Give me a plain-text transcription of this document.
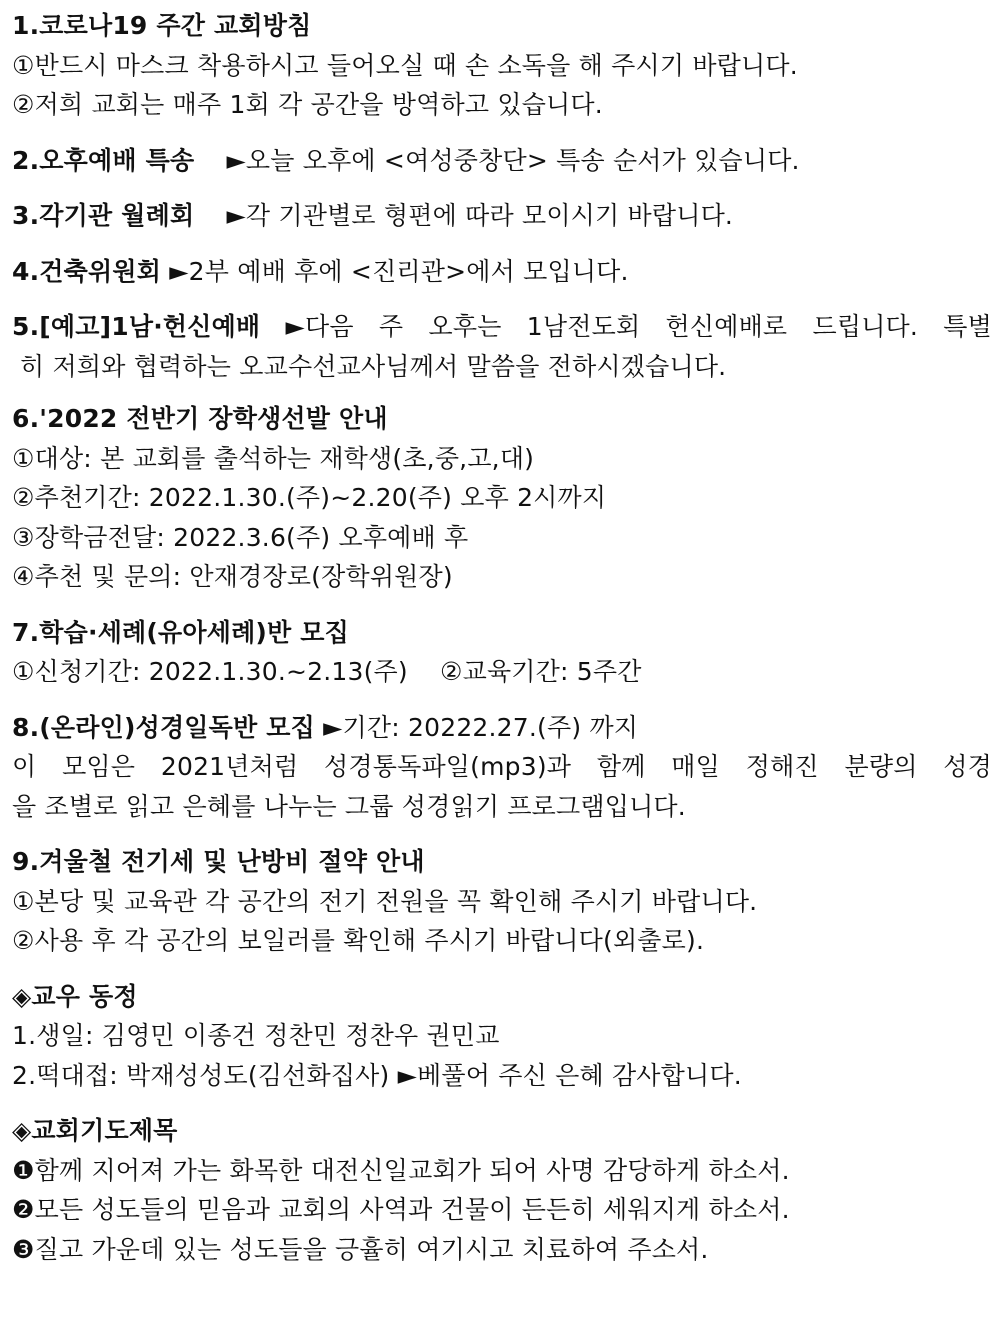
1.코로나19 주간 교회방침
①반드시 마스크 착용하시고 들어오실 때 손 소독을 해 주시기 바랍니다.
②저희 교회는 매주 1회 각 공간을 방역하고 있습니다.
2.오후예배 특송 ►오늘 오후에 <여성중창단> 특송 순서가 있습니다.
3.각기관 월례회 ►각 기관별로 형편에 따라 모이시기 바랍니다.
4.건축위원회 ►2부 예배 후에 <진리관>에서 모입니다.
5.[예고]1남·헌신예배 ►다음 주 오후는 1남전도회 헌신예배로 드립니다. 특별
히 저희와 협력하는 오교수선교사님께서 말씀을 전하시겠습니다.
6.'2022 전반기 장학생선발 안내
①대상: 본 교회를 출석하는 재학생(초,중,고,대)
②추천기간: 2022.1.30.(주)~2.20(주) 오후 2시까지
③장학금전달: 2022.3.6(주) 오후예배 후
④추천 및 문의: 안재경장로(장학위원장)
7.학습·세례(유아세례)반 모집
①신청기간: 2022.1.30.~2.13(주) ②교육기간: 5주간
8.(온라인)성경일독반 모집 ►기간: 20222.27.(주) 까지
이 모임은 2021년처럼 성경통독파일(mp3)과 함께 매일 정해진 분량의 성경
을 조별로 읽고 은혜를 나누는 그룹 성경읽기 프로그램입니다.
9.겨울철 전기세 및 난방비 절약 안내
①본당 및 교육관 각 공간의 전기 전원을 꼭 확인해 주시기 바랍니다.
②사용 후 각 공간의 보일러를 확인해 주시기 바랍니다(외출로).
◈교우 동정
1.생일: 김영민 이종건 정찬민 정찬우 권민교
2.떡대접: 박재성성도(김선화집사) ►베풀어 주신 은혜 감사합니다.
◈교회기도제목
❶함께 지어져 가는 화목한 대전신일교회가 되어 사명 감당하게 하소서.
❷모든 성도들의 믿음과 교회의 사역과 건물이 든든히 세워지게 하소서.
❸질고 가운데 있는 성도들을 긍휼히 여기시고 치료하여 주소서.
